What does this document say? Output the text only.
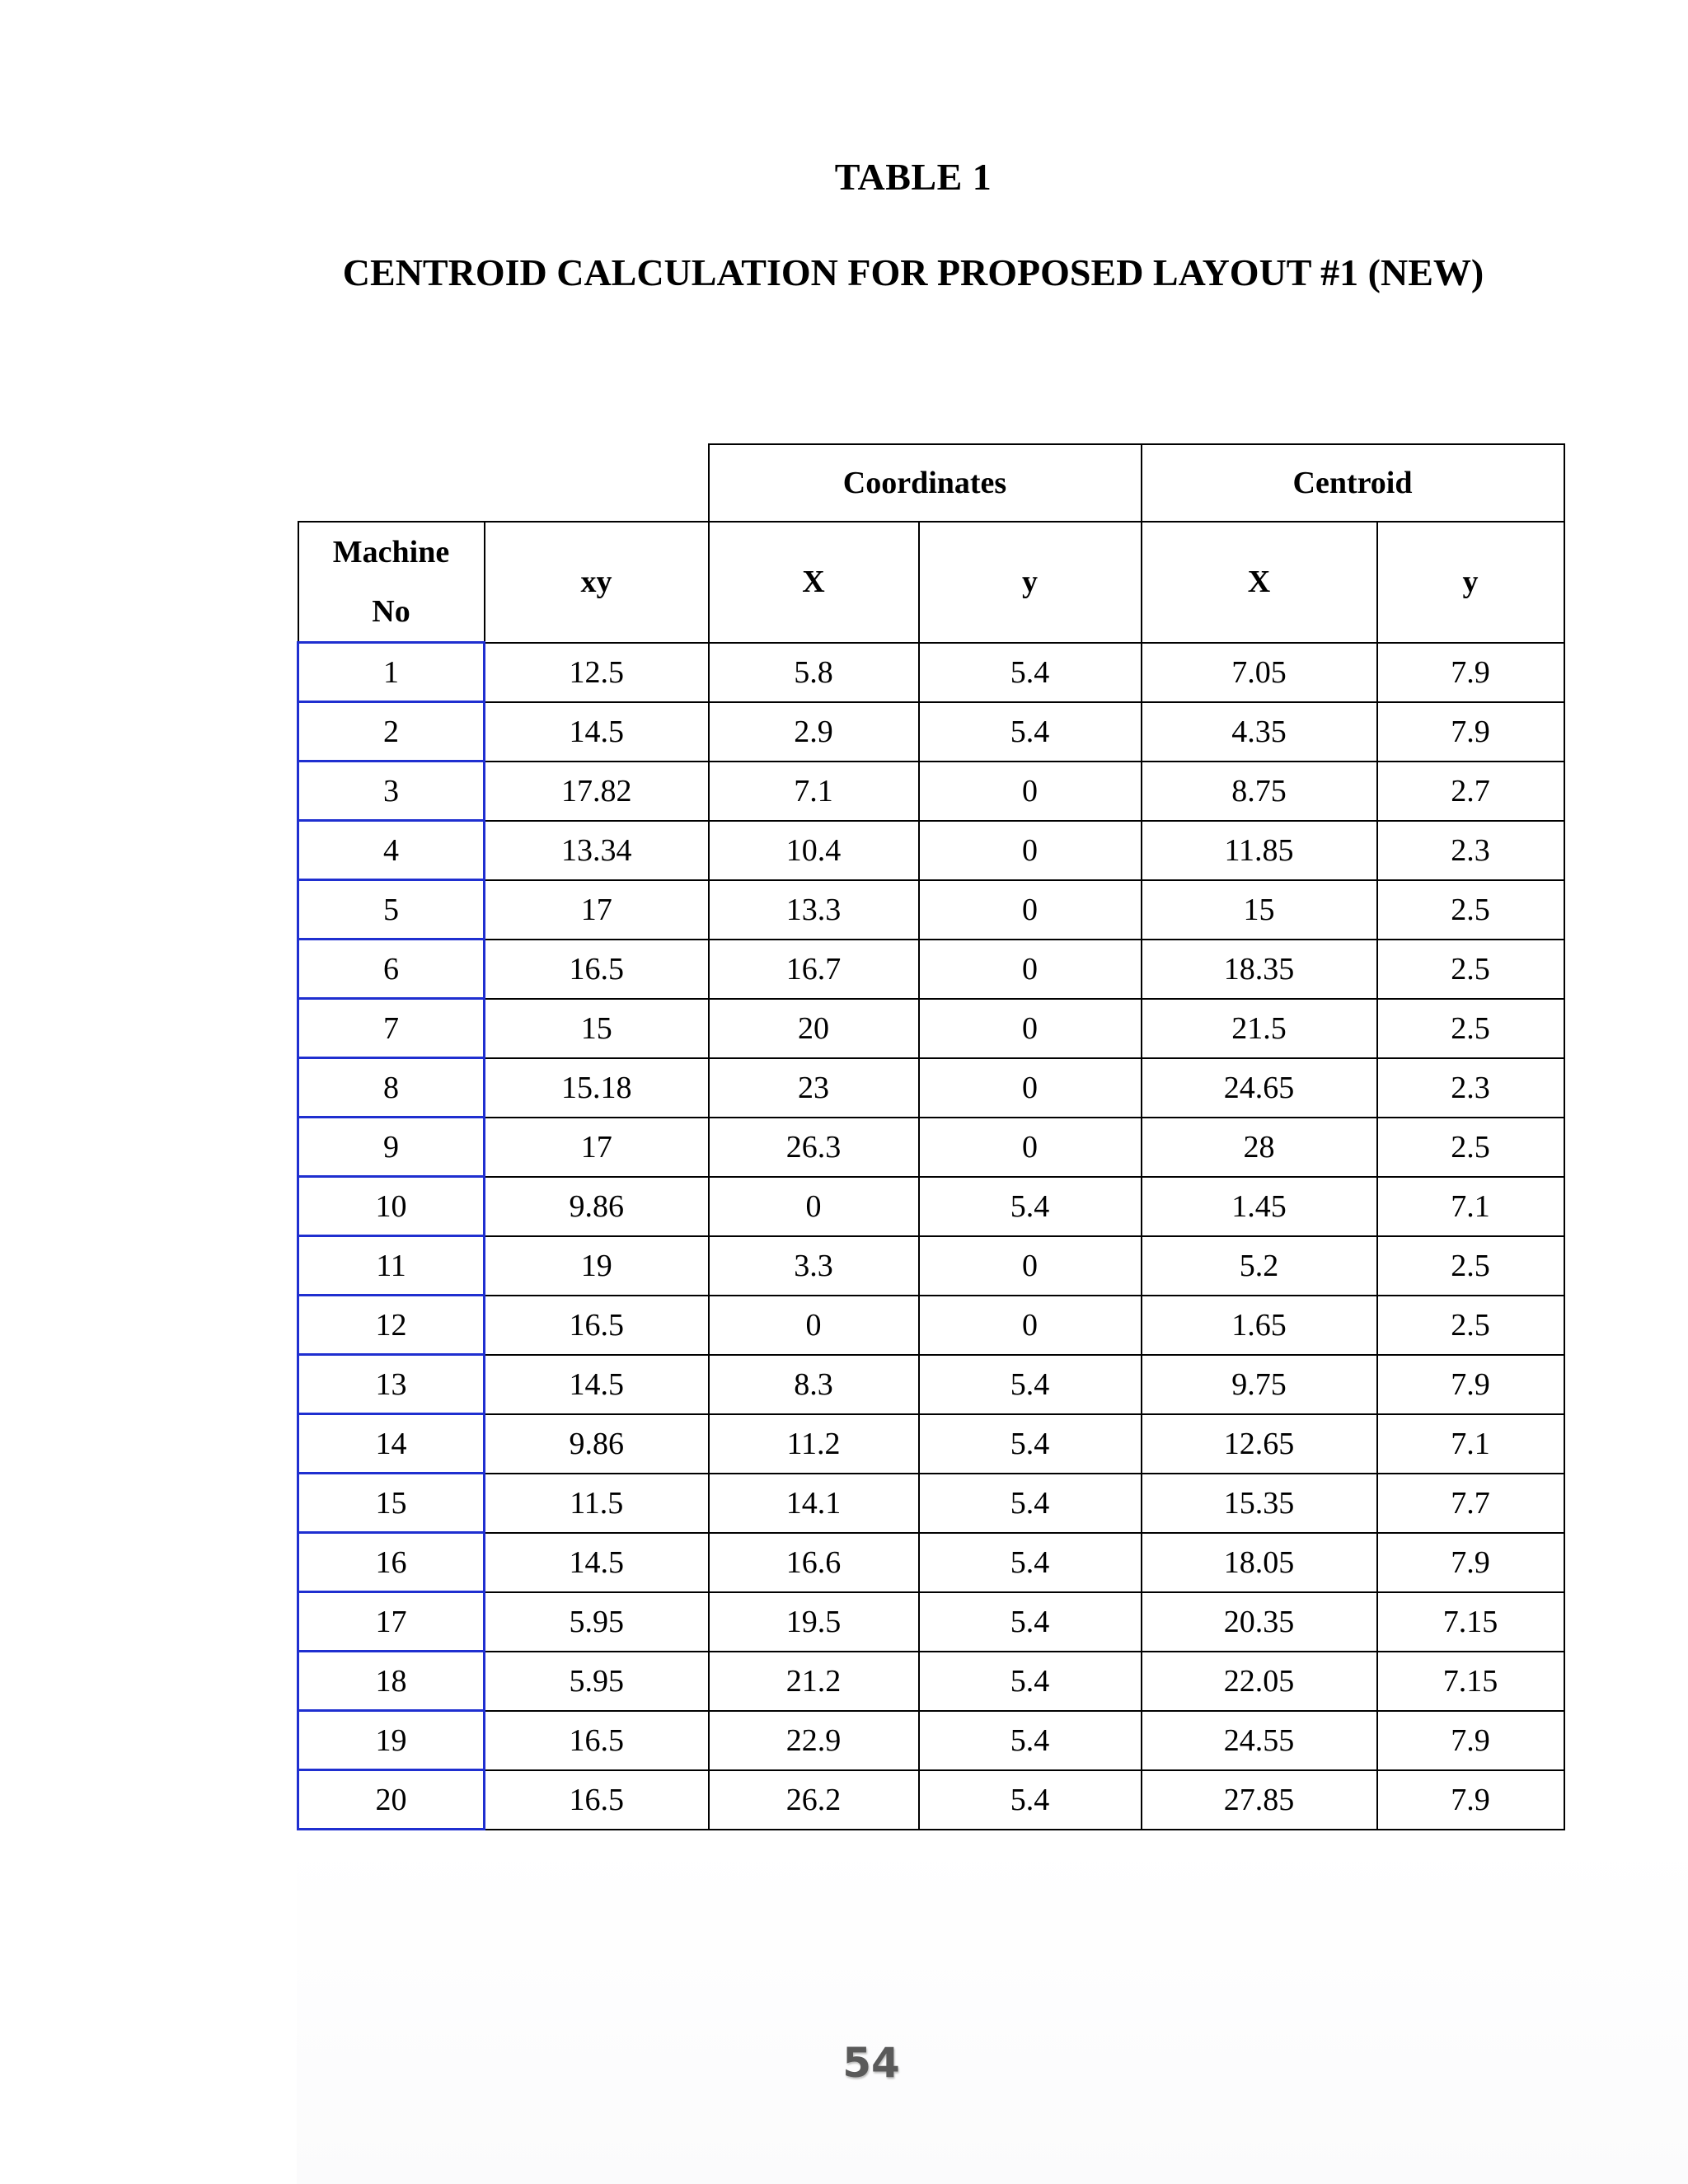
TABLE 1
CENTROID CALCULATION FOR PROPOSED LAYOUT #1 (NEW)
		Coordinates		Centroid	
Machine
No	xy	X	y	X	y
1	12.5	5.8	5.4	7.05	7.9
2	14.5	2.9	5.4	4.35	7.9
3	17.82	7.1	0	8.75	2.7
4	13.34	10.4	0	11.85	2.3
5	17	13.3	0	15	2.5
6	16.5	16.7	0	18.35	2.5
7	15	20	0	21.5	2.5
8	15.18	23	0	24.65	2.3
9	17	26.3	0	28	2.5
10	9.86	0	5.4	1.45	7.1
11	19	3.3	0	5.2	2.5
12	16.5	0	0	1.65	2.5
13	14.5	8.3	5.4	9.75	7.9
14	9.86	11.2	5.4	12.65	7.1
15	11.5	14.1	5.4	15.35	7.7
16	14.5	16.6	5.4	18.05	7.9
17	5.95	19.5	5.4	20.35	7.15
18	5.95	21.2	5.4	22.05	7.15
19	16.5	22.9	5.4	24.55	7.9
20	16.5	26.2	5.4	27.85	7.9
54
